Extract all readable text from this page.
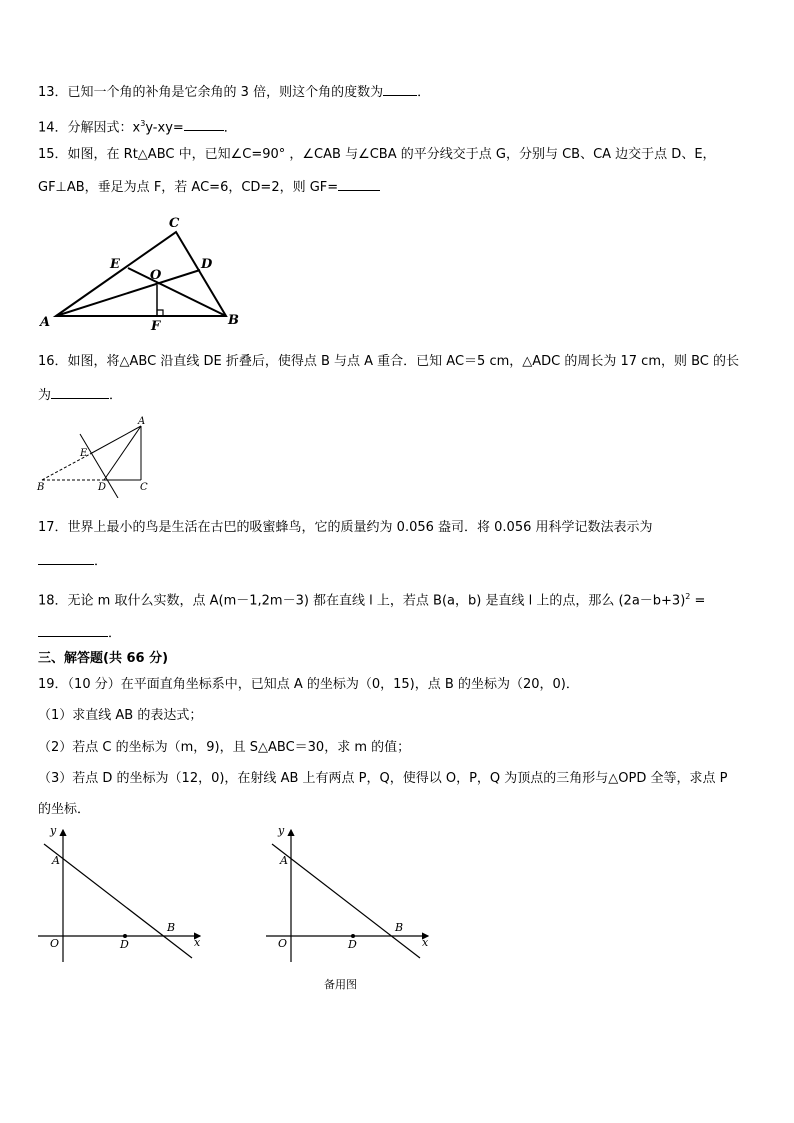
13．已知一个角的补角是它余角的 3 倍，则这个角的度数为	．
14．分解因式：$x^3y-xy=$	．
15．如图，在 Rt△ABC 中，已知∠C=90° ，∠CAB 与∠CBA 的平分线交于点 G，分别与 CB、CA 边交于点 D、E，
GF⊥AB，垂足为点 F，若 AC=6，CD=2，则 GF=
C
E	D
O
A	B
F
16．如图，将△ABC 沿直线 DE 折叠后，使得点 B 与点 A 重合．已知 AC＝5 cm，△ADC 的周长为 17 cm，则 BC 的长
为	．
A
E
B	D	C
17．世界上最小的鸟是生活在古巴的吸蜜蜂鸟，它的质量约为 0.056 盎司．将 0.056 用科学记数法表示为
．
18．无论 m 取什么实数，点 A(m－1,2m－3) 都在直线 l 上，若点 B(a，b) 是直线 l 上的点，那么 $(2a-b+3)^2$ =
．
三、解答题(共 66 分)
19．（10 分）在平面直角坐标系中，已知点 A 的坐标为（0，15)，点 B 的坐标为（20，0)．
（1）求直线 AB 的表达式；
（2）若点 C 的坐标为（m，9)，且 S△ABC＝30，求 m 的值；
（3）若点 D 的坐标为（12，0)，在射线 AB 上有两点 P，Q，使得以 O，P，Q 为顶点的三角形与△OPD 全等，求点 P
的坐标．
y
A
O	D
B
x
y
A
O	D
B
x
备用图
